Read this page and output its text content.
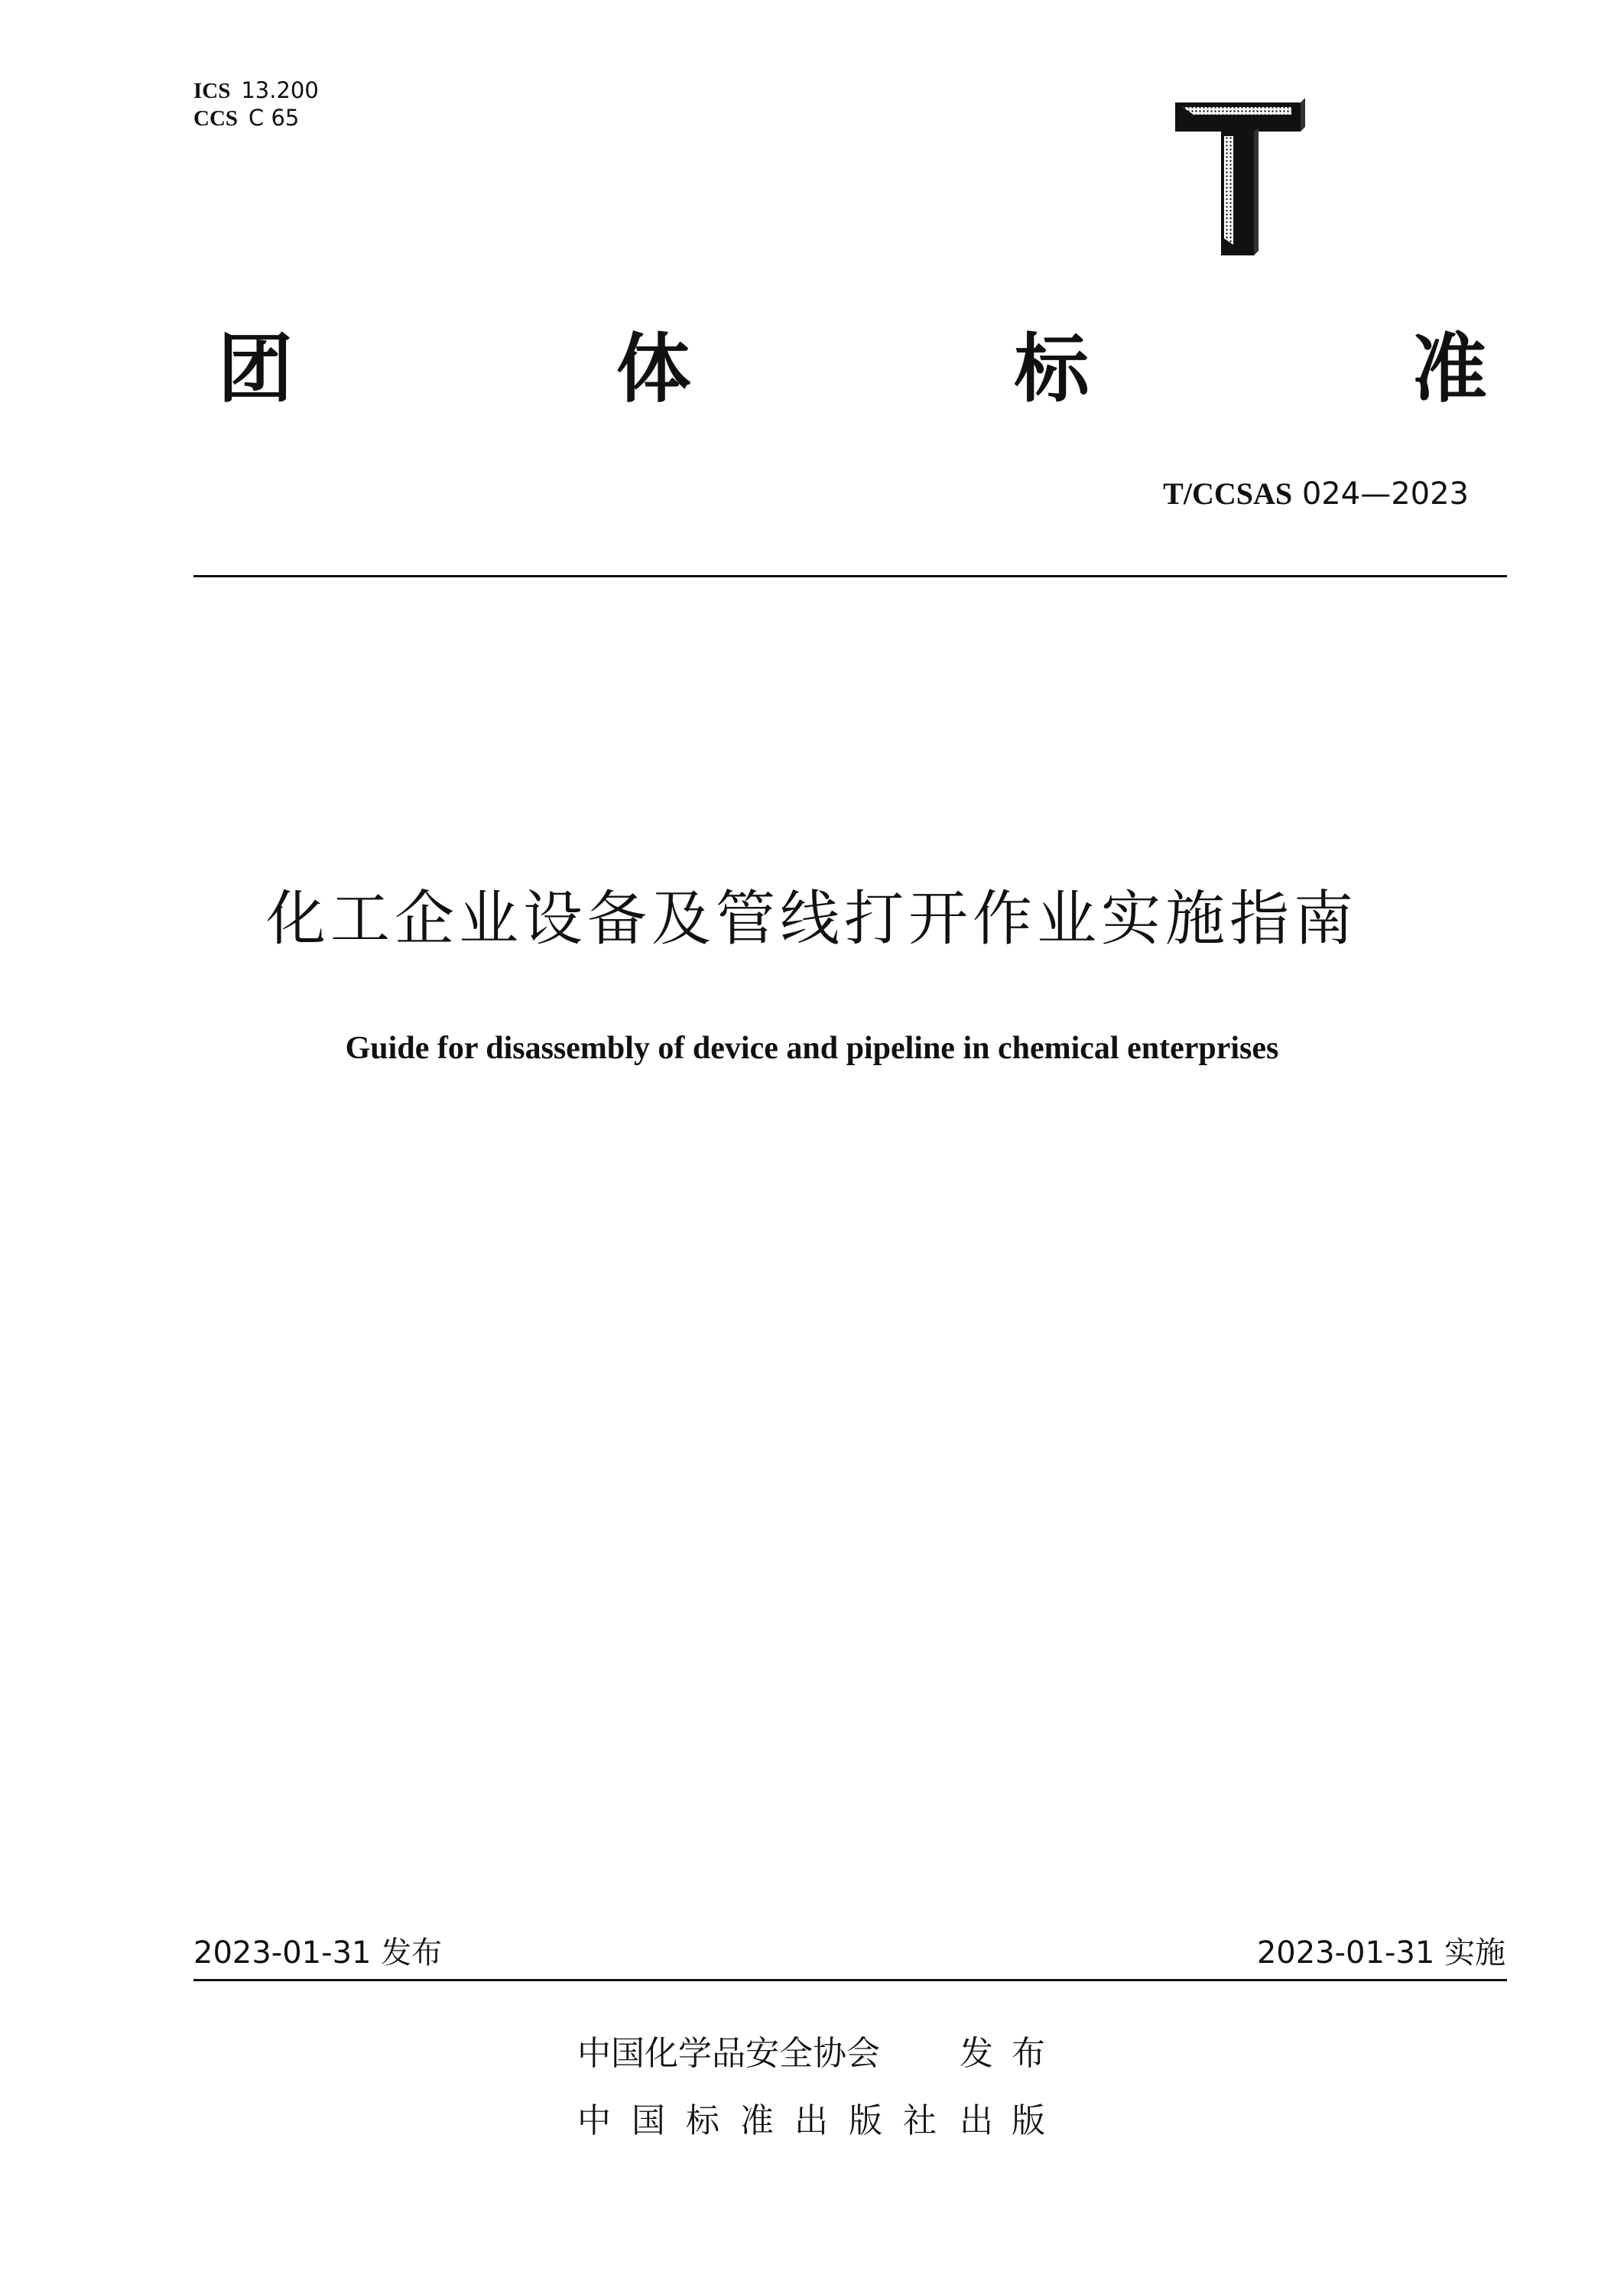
ICS 13.200
CCS C 65
团	体	标	准
T/CCSAS 024—2023
化工企业设备及管线打开作业实施指南
Guide for disassembly of device and pipeline in chemical enterprises
2023-01-31 发布	2023-01-31 实施
中国化学品安全协会 发布
中国标准出版社出版
